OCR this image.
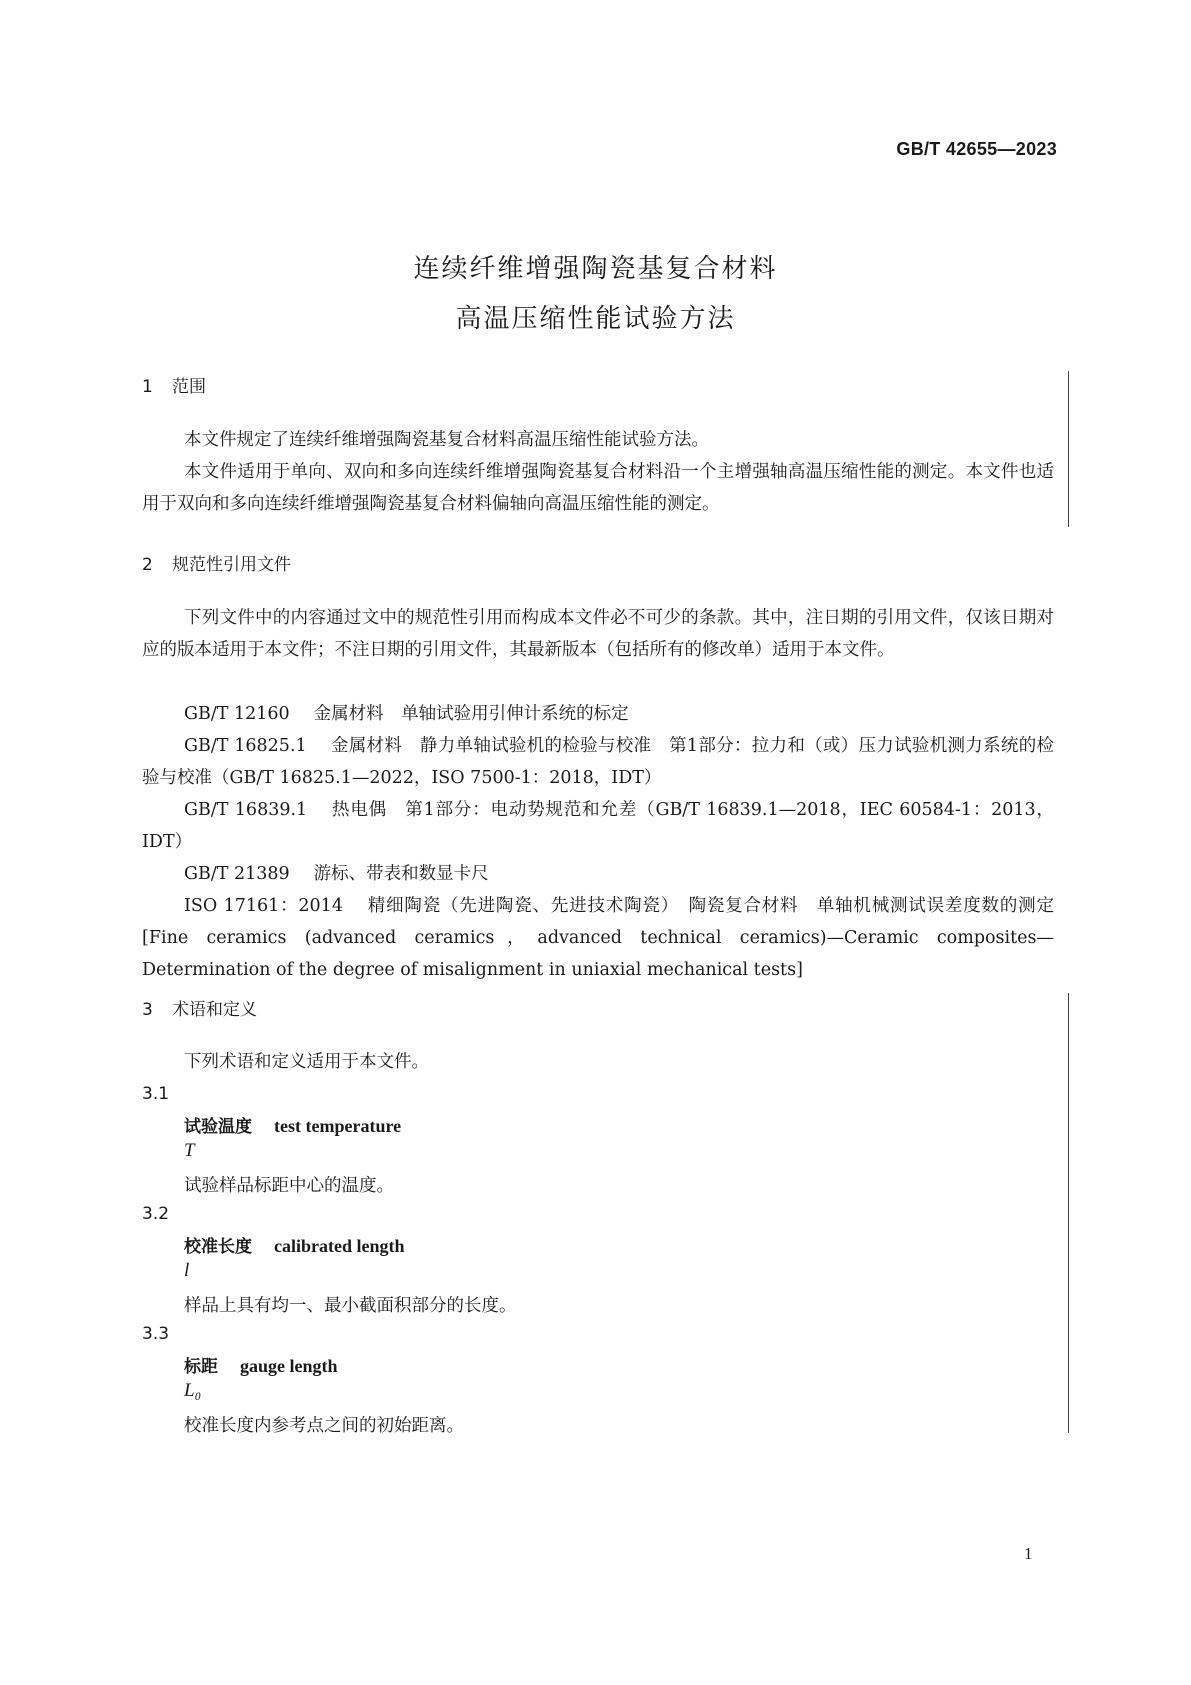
GB/T 42655—2023
连续纤维增强陶瓷基复合材料
高温压缩性能试验方法
1 范围

本文件规定了连续纤维增强陶瓷基复合材料高温压缩性能试验方法。

本文件适用于单向、双向和多向连续纤维增强陶瓷基复合材料沿一个主增强轴高温压缩性能的测定。本文件也适用于双向和多向连续纤维增强陶瓷基复合材料偏轴向高温压缩性能的测定。

2 规范性引用文件

下列文件中的内容通过文中的规范性引用而构成本文件必不可少的条款。其中，注日期的引用文件，仅该日期对应的版本适用于本文件；不注日期的引用文件，其最新版本（包括所有的修改单）适用于本文件。

GB/T 12160 金属材料　单轴试验用引伸计系统的标定

GB/T 16825.1 金属材料　静力单轴试验机的检验与校准　第1部分：拉力和（或）压力试验机测力系统的检验与校准（GB/T 16825.1—2022，ISO 7500-1：2018，IDT）

GB/T 16839.1 热电偶　第1部分：电动势规范和允差（GB/T 16839.1—2018，IEC 60584-1：2013，IDT）

GB/T 21389 游标、带表和数显卡尺

ISO 17161：2014 精细陶瓷（先进陶瓷、先进技术陶瓷）　陶瓷复合材料　单轴机械测试误差度数的测定[Fine ceramics (advanced ceramics，advanced technical ceramics)—Ceramic composites—Determination of the degree of misalignment in uniaxial mechanical tests]

3 术语和定义

下列术语和定义适用于本文件。

3.1
试验温度 test temperature
T
试验样品标距中心的温度。
3.2
校准长度 calibrated length
l
样品上具有均一、最小截面积部分的长度。
3.3
标距 gauge length
L₀
校准长度内参考点之间的初始距离。
1
